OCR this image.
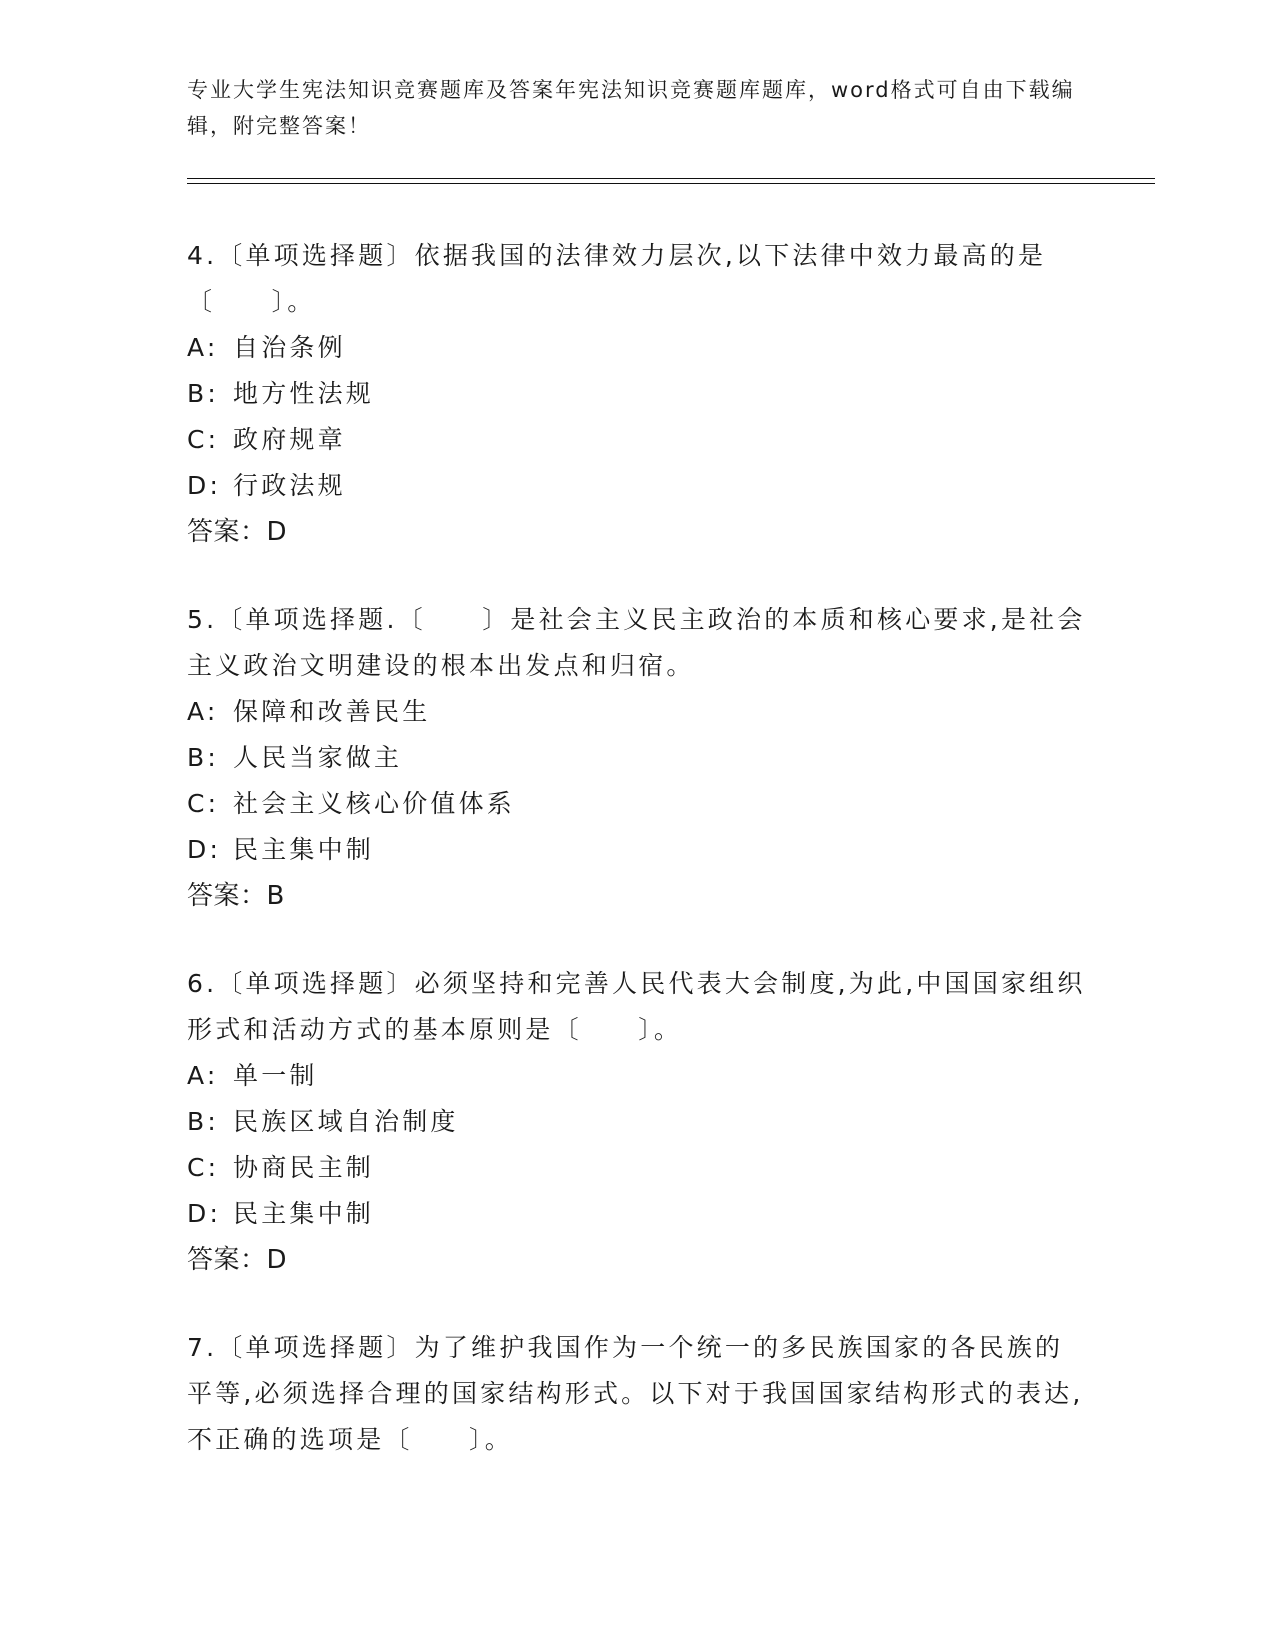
专业大学生宪法知识竞赛题库及答案年宪法知识竞赛题库题库，word格式可自由下载编辑，附完整答案！

4.〔单项选择题〕依据我国的法律效力层次,以下法律中效力最高的是〔　　〕。

A: 自治条例
B: 地方性法规
C: 政府规章
D: 行政法规

答案：D

5.〔单项选择题.〔　　〕是社会主义民主政治的本质和核心要求,是社会主义政治文明建设的根本出发点和归宿。

A: 保障和改善民生
B: 人民当家做主
C: 社会主义核心价值体系
D: 民主集中制

答案：B

6.〔单项选择题〕必须坚持和完善人民代表大会制度,为此,中国国家组织形式和活动方式的基本原则是〔　　〕。

A: 单一制
B: 民族区域自治制度
C: 协商民主制
D: 民主集中制

答案：D

7.〔单项选择题〕为了维护我国作为一个统一的多民族国家的各民族的平等,必须选择合理的国家结构形式。以下对于我国国家结构形式的表达,不正确的选项是〔　　〕。
